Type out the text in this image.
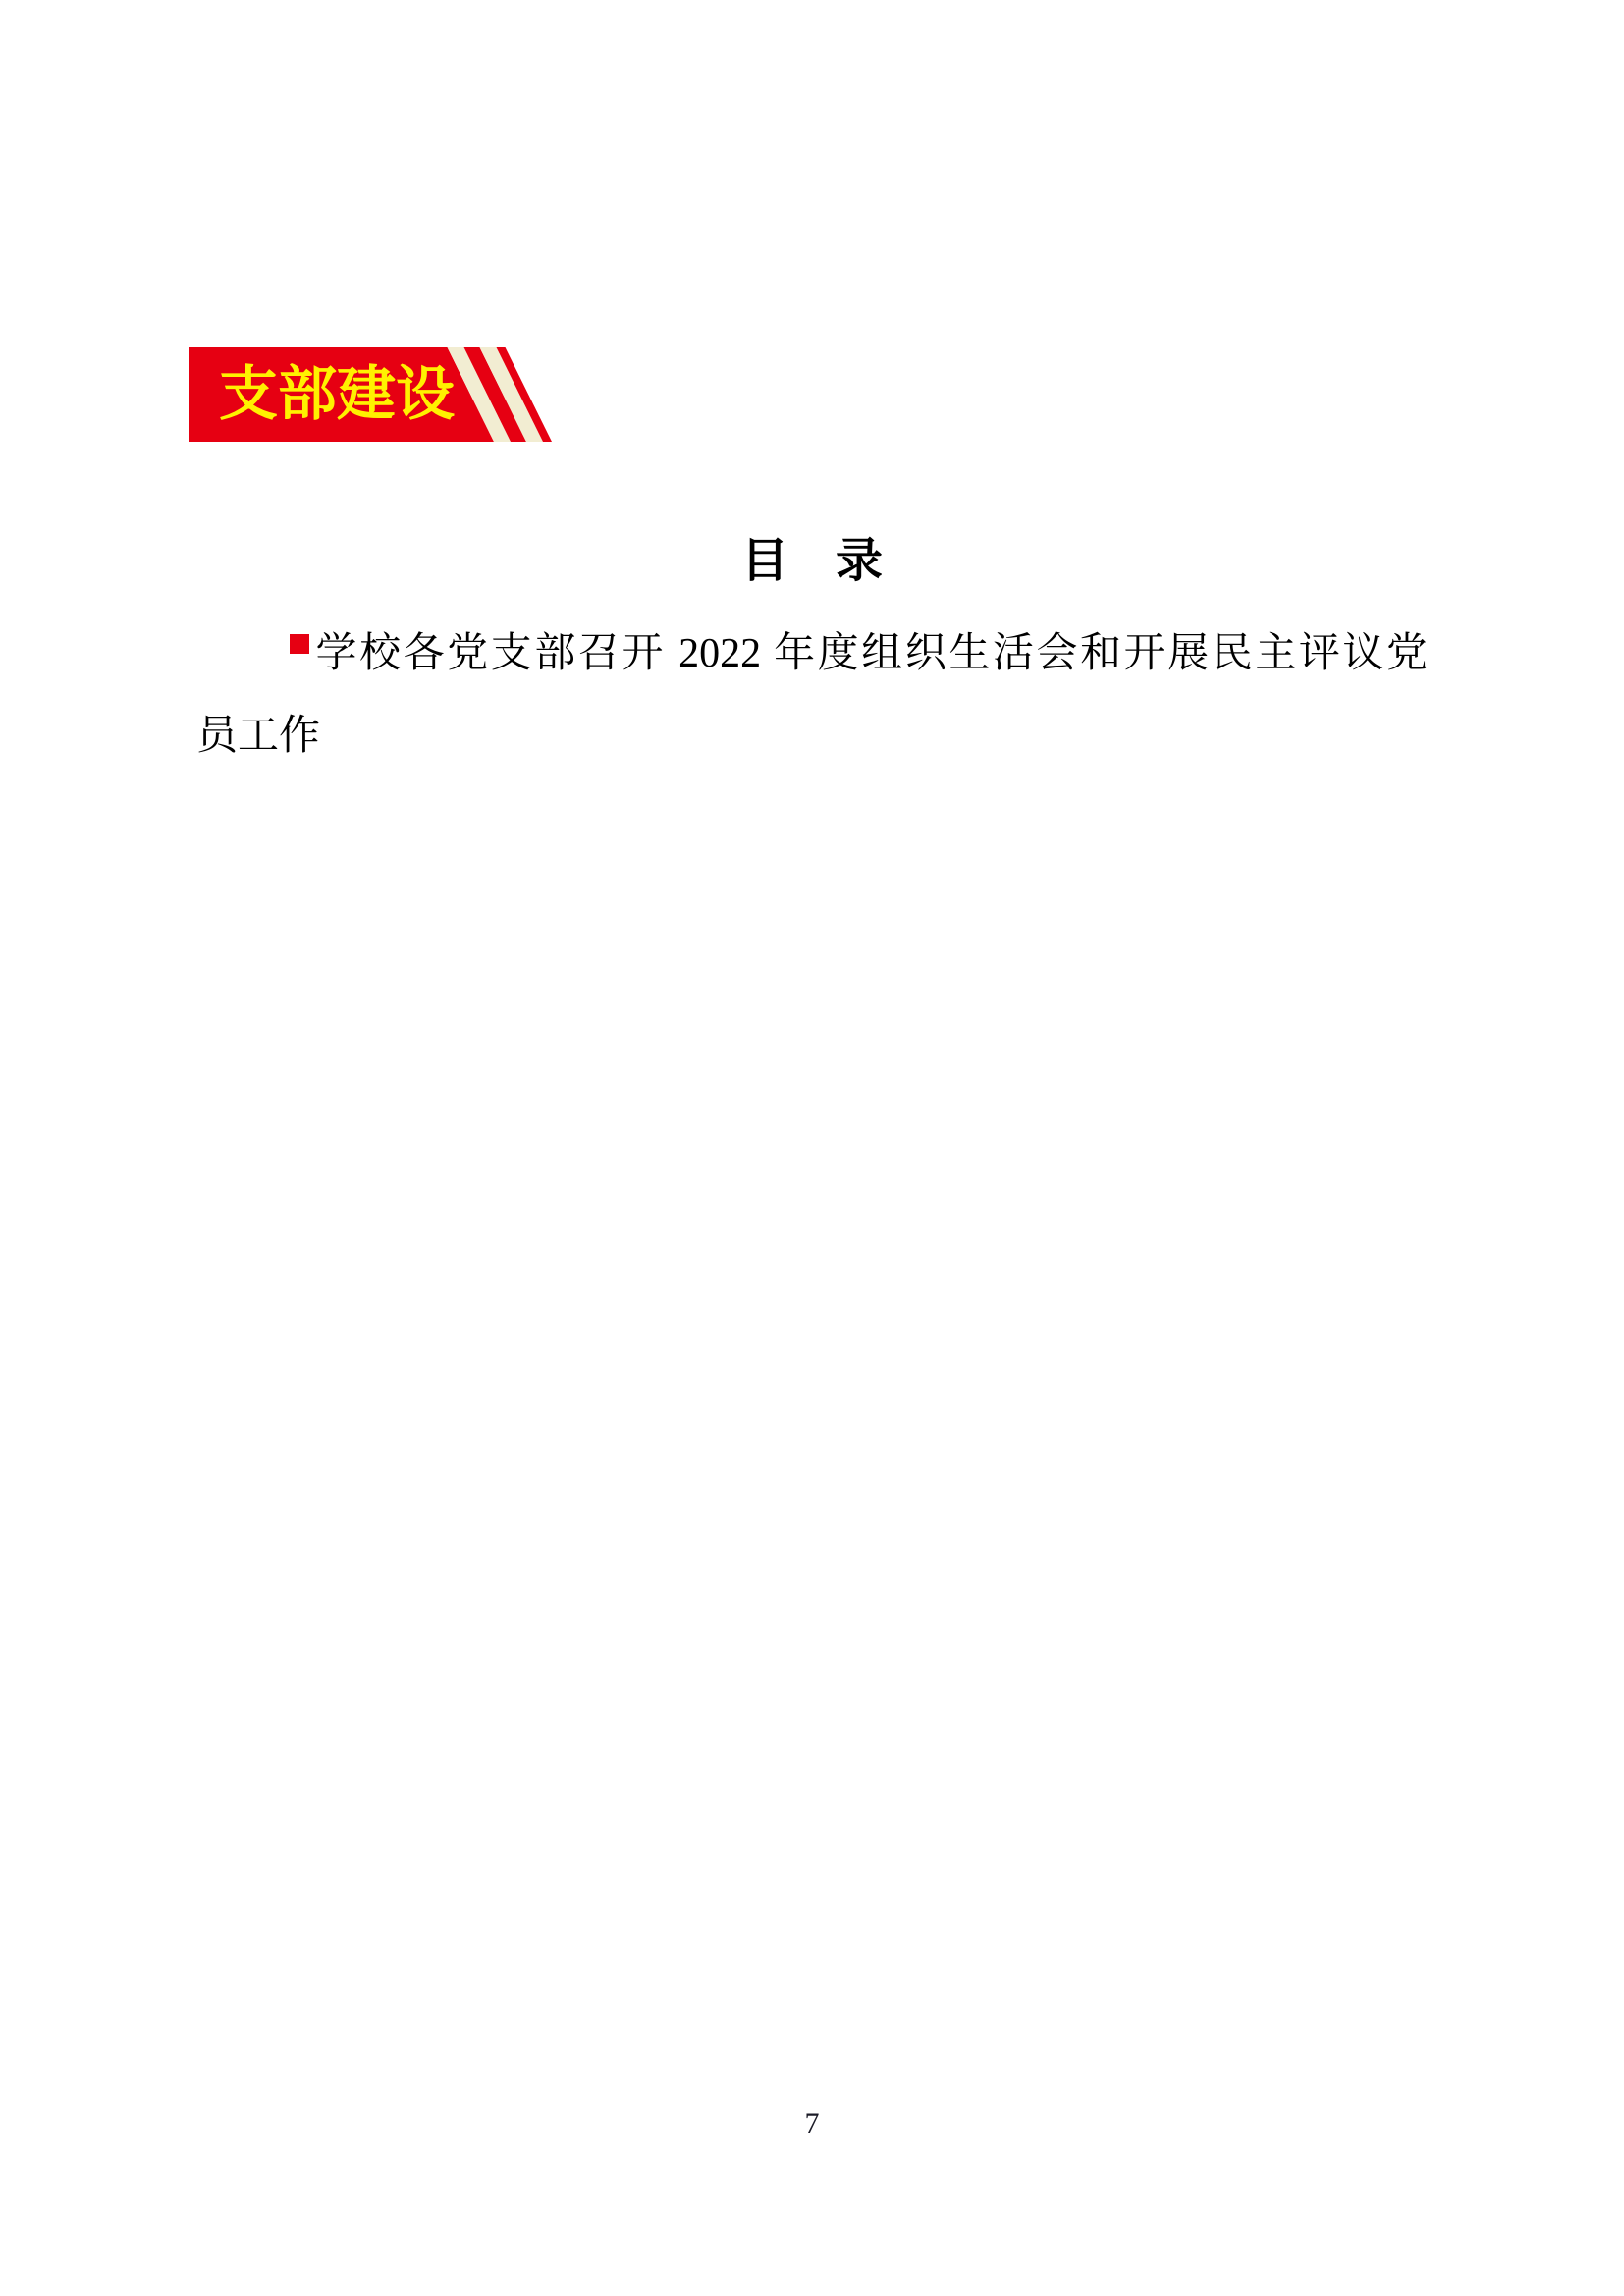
支部建设
目　录
学校各党支部召开 2022 年度组织生活会和开展民主评议党
员工作
7
